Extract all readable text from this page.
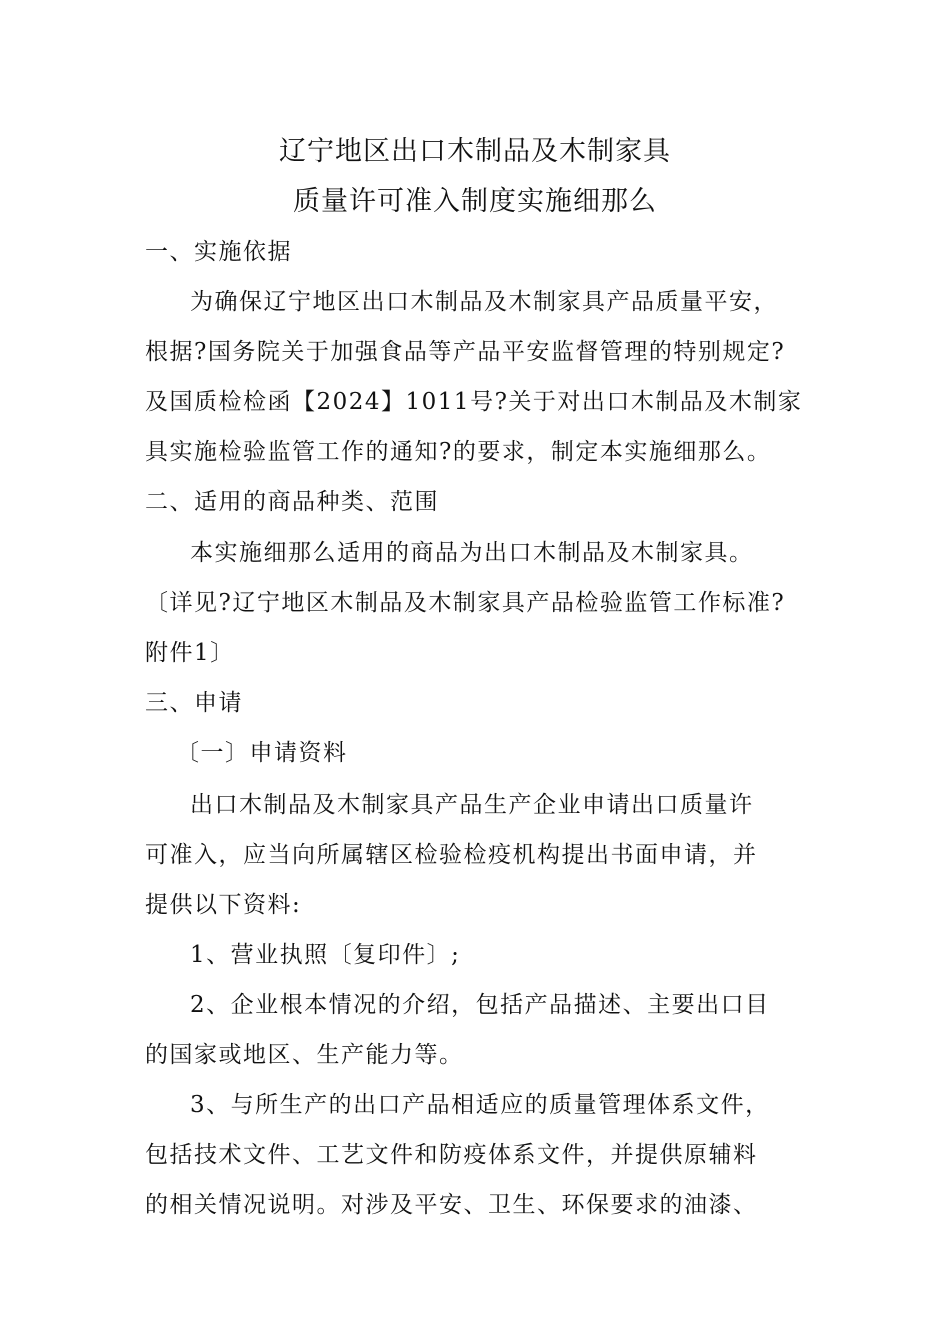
辽宁地区出口木制品及木制家具
质量许可准入制度实施细那么
一、实施依据
为确保辽宁地区出口木制品及木制家具产品质量平安，
根据?国务院关于加强食品等产品平安监督管理的特别规定?
及国质检检函【2024】1011号?关于对出口木制品及木制家
具实施检验监管工作的通知?的要求，制定本实施细那么。
二、适用的商品种类、范围
本实施细那么适用的商品为出口木制品及木制家具。
〔详见?辽宁地区木制品及木制家具产品检验监管工作标准?
附件1〕
三、申请
〔一〕申请资料
出口木制品及木制家具产品生产企业申请出口质量许
可准入，应当向所属辖区检验检疫机构提出书面申请，并
提供以下资料:
1、营业执照〔复印件〕;
2、企业根本情况的介绍，包括产品描述、主要出口目
的国家或地区、生产能力等。
3、与所生产的出口产品相适应的质量管理体系文件，
包括技术文件、工艺文件和防疫体系文件，并提供原辅料
的相关情况说明。对涉及平安、卫生、环保要求的油漆、
